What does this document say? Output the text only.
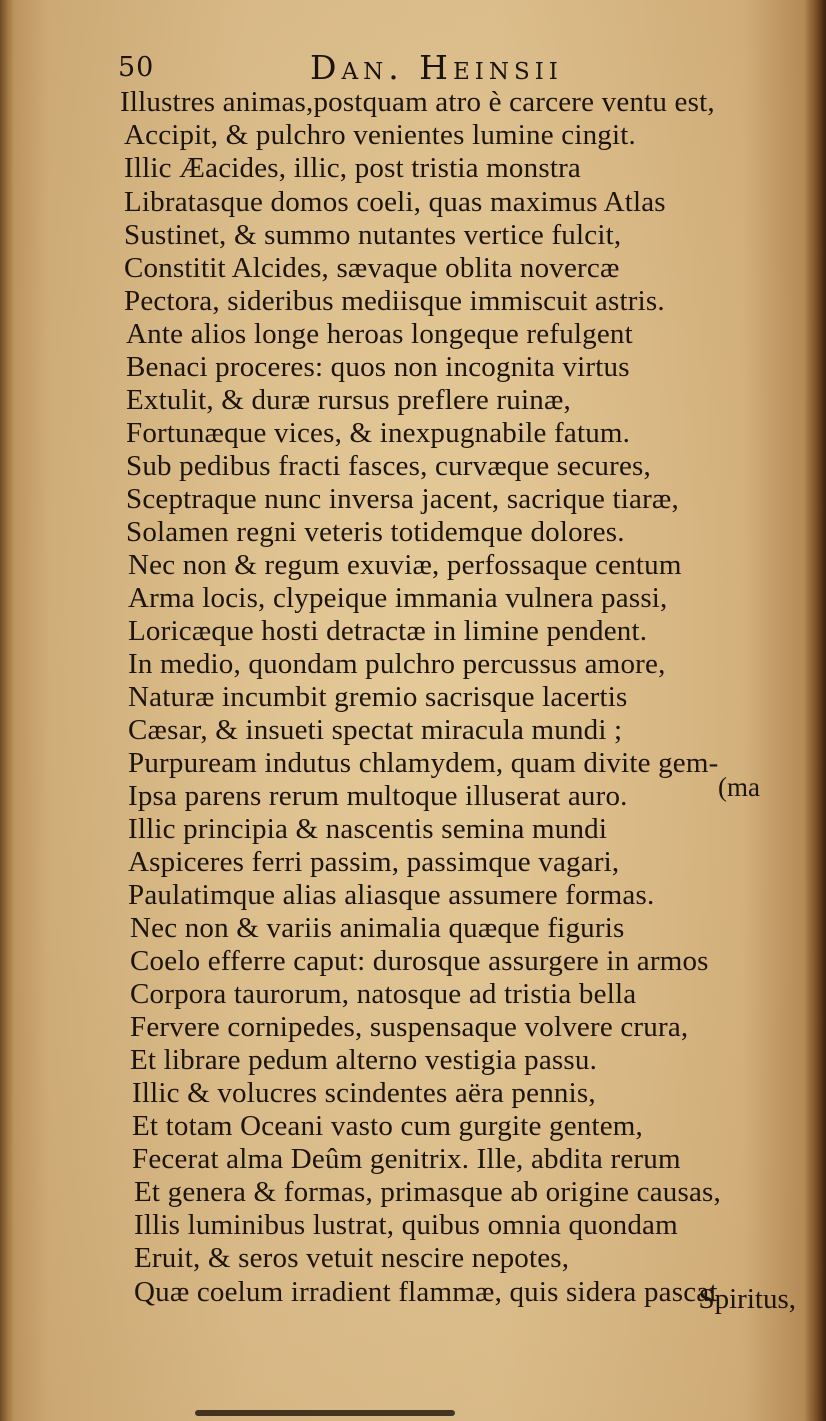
50	Dan. Heinsii
Illustres animas,postquam atro è carcere ventu est,
Accipit, & pulchro venientes lumine cingit.
Illic Æacides, illic, post tristia monstra
Libratasque domos coeli, quas maximus Atlas
Sustinet, & summo nutantes vertice fulcit,
Constitit Alcides, sævaque oblita novercæ
Pectora, sideribus mediisque immiscuit astris.
Ante alios longe heroas longeque refulgent
Benaci proceres: quos non incognita virtus
Extulit, & duræ rursus preflere ruinæ,
Fortunæque vices, & inexpugnabile fatum.
Sub pedibus fracti fasces, curvæque secures,
Sceptraque nunc inversa jacent, sacrique tiaræ,
Solamen regni veteris totidemque dolores.
Nec non & regum exuviæ, perfossaque centum
Arma locis, clypeique immania vulnera passi,
Loricæque hosti detractæ in limine pendent.
In medio, quondam pulchro percussus amore,
Naturæ incumbit gremio sacrisque lacertis
Cæsar, & insueti spectat miracula mundi ;
Purpuream indutus chlamydem, quam divite gem-
Ipsa parens rerum multoque illuserat auro.
Illic principia & nascentis semina mundi
Aspiceres ferri passim, passimque vagari,
Paulatimque alias aliasque assumere formas.
Nec non & variis animalia quæque figuris
Coelo efferre caput: durosque assurgere in armos
Corpora taurorum, natosque ad tristia bella
Fervere cornipedes, suspensaque volvere crura,
Et librare pedum alterno vestigia passu.
Illic & volucres scindentes aëra pennis,
Et totam Oceani vasto cum gurgite gentem,
Fecerat alma Deûm genitrix. Ille, abdita rerum
Et genera & formas, primasque ab origine causas,
Illis luminibus lustrat, quibus omnia quondam
Eruit, & seros vetuit nescire nepotes,
Quæ coelum irradient flammæ, quis sidera pascat
(ma
Spiritus,
